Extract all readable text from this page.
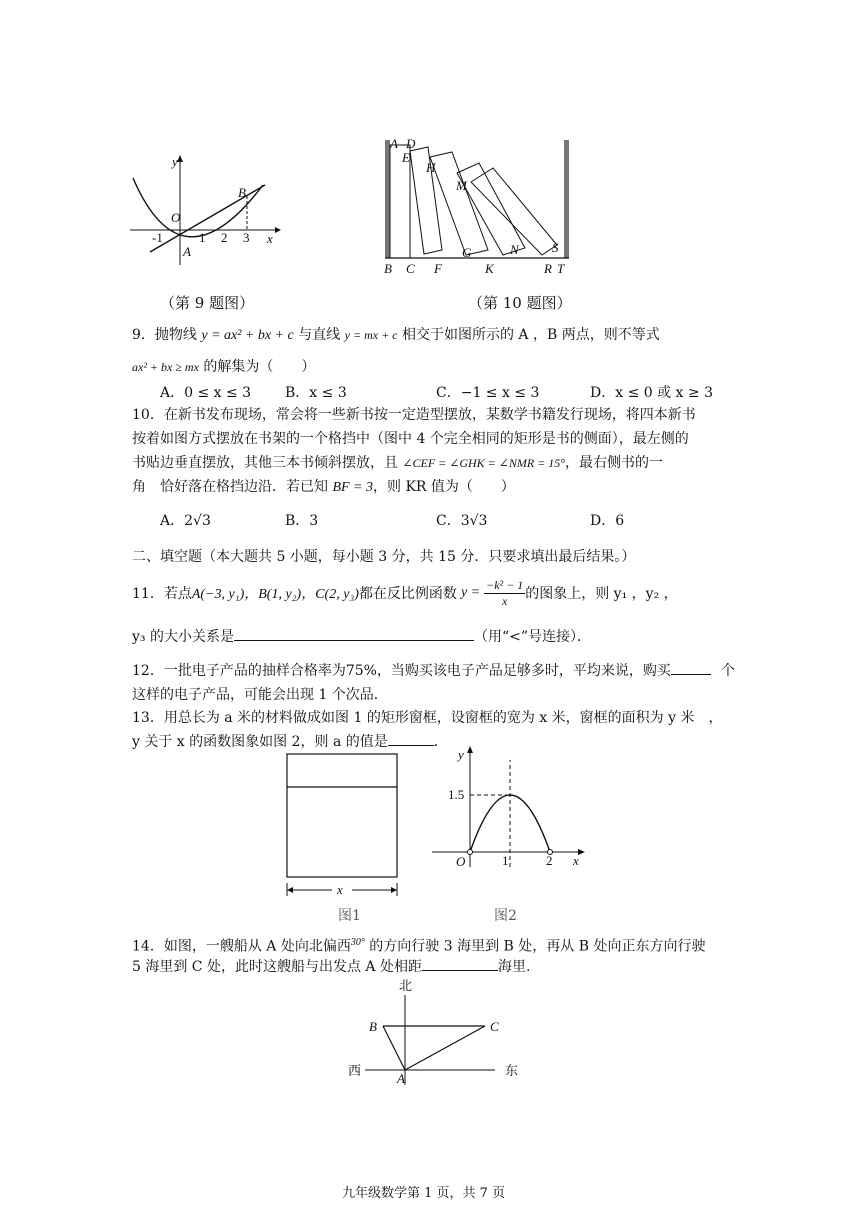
y
x
O
A
B
-1	1 2 3
（第 9 题图）
A D
E
H
M
G	N	S
B C F	K	R T
（第 10 题图）
9．抛物线 y = ax² + bx + c 与直线 y = mx + c 相交于如图所示的 A ，B 两点，则不等式
ax² + bx ≥ mx 的解集为（　　）
A．0 ≤ x ≤ 3 B．x ≤ 3	C．−1 ≤ x ≤ 3	D．x ≤ 0 或 x ≥ 3
10．在新书发布现场，常会将一些新书按一定造型摆放，某数学书籍发行现场，将四本新书
按着如图方式摆放在书架的一个格挡中（图中 4 个完全相同的矩形是书的侧面），最左侧的
书贴边垂直摆放，其他三本书倾斜摆放，且 ∠CEF = ∠GHK = ∠NMR = 15°，最右侧书的一
角　恰好落在格挡边沿．若已知 BF = 3，则 KR 值为（　　）
A．2√3	B．3	C．3√3	D．6
二、填空题（本大题共 5 小题，每小题 3 分，共 15 分．只要求填出最后结果。）
11．若点 A(−3, y₁)，B(1, y₂)，C(2, y₃) 都在反比例函数 $y = \frac{\text{−k² − 1}}{x}$ 的图象上，则 y₁ ，y₂ ，
y₃ 的大小关系是	（用“<”号连接）．
12．一批电子产品的抽样合格率为75%，当购买该电子产品足够多时，平均来说，购买	个
这样的电子产品，可能会出现 1 个次品．
13．用总长为 a 米的材料做成如图 1 的矩形窗框，设窗框的宽为 x 米，窗框的面积为 y 米　，
y 关于 x 的函数图象如图 2，则 a 的值是	．
x
图1
y
x
O
1.5
1	2
图2
14．如图，一艘船从 A 处向北偏西$^{30^\circ}$ 的方向行驶 3 海里到 B 处，再从 B 处向正东方向行驶
5 海里到 C 处，此时这艘船与出发点 A 处相距	海里.
北
西	东
A
B	C
九年级数学第 1 页，共 7 页
